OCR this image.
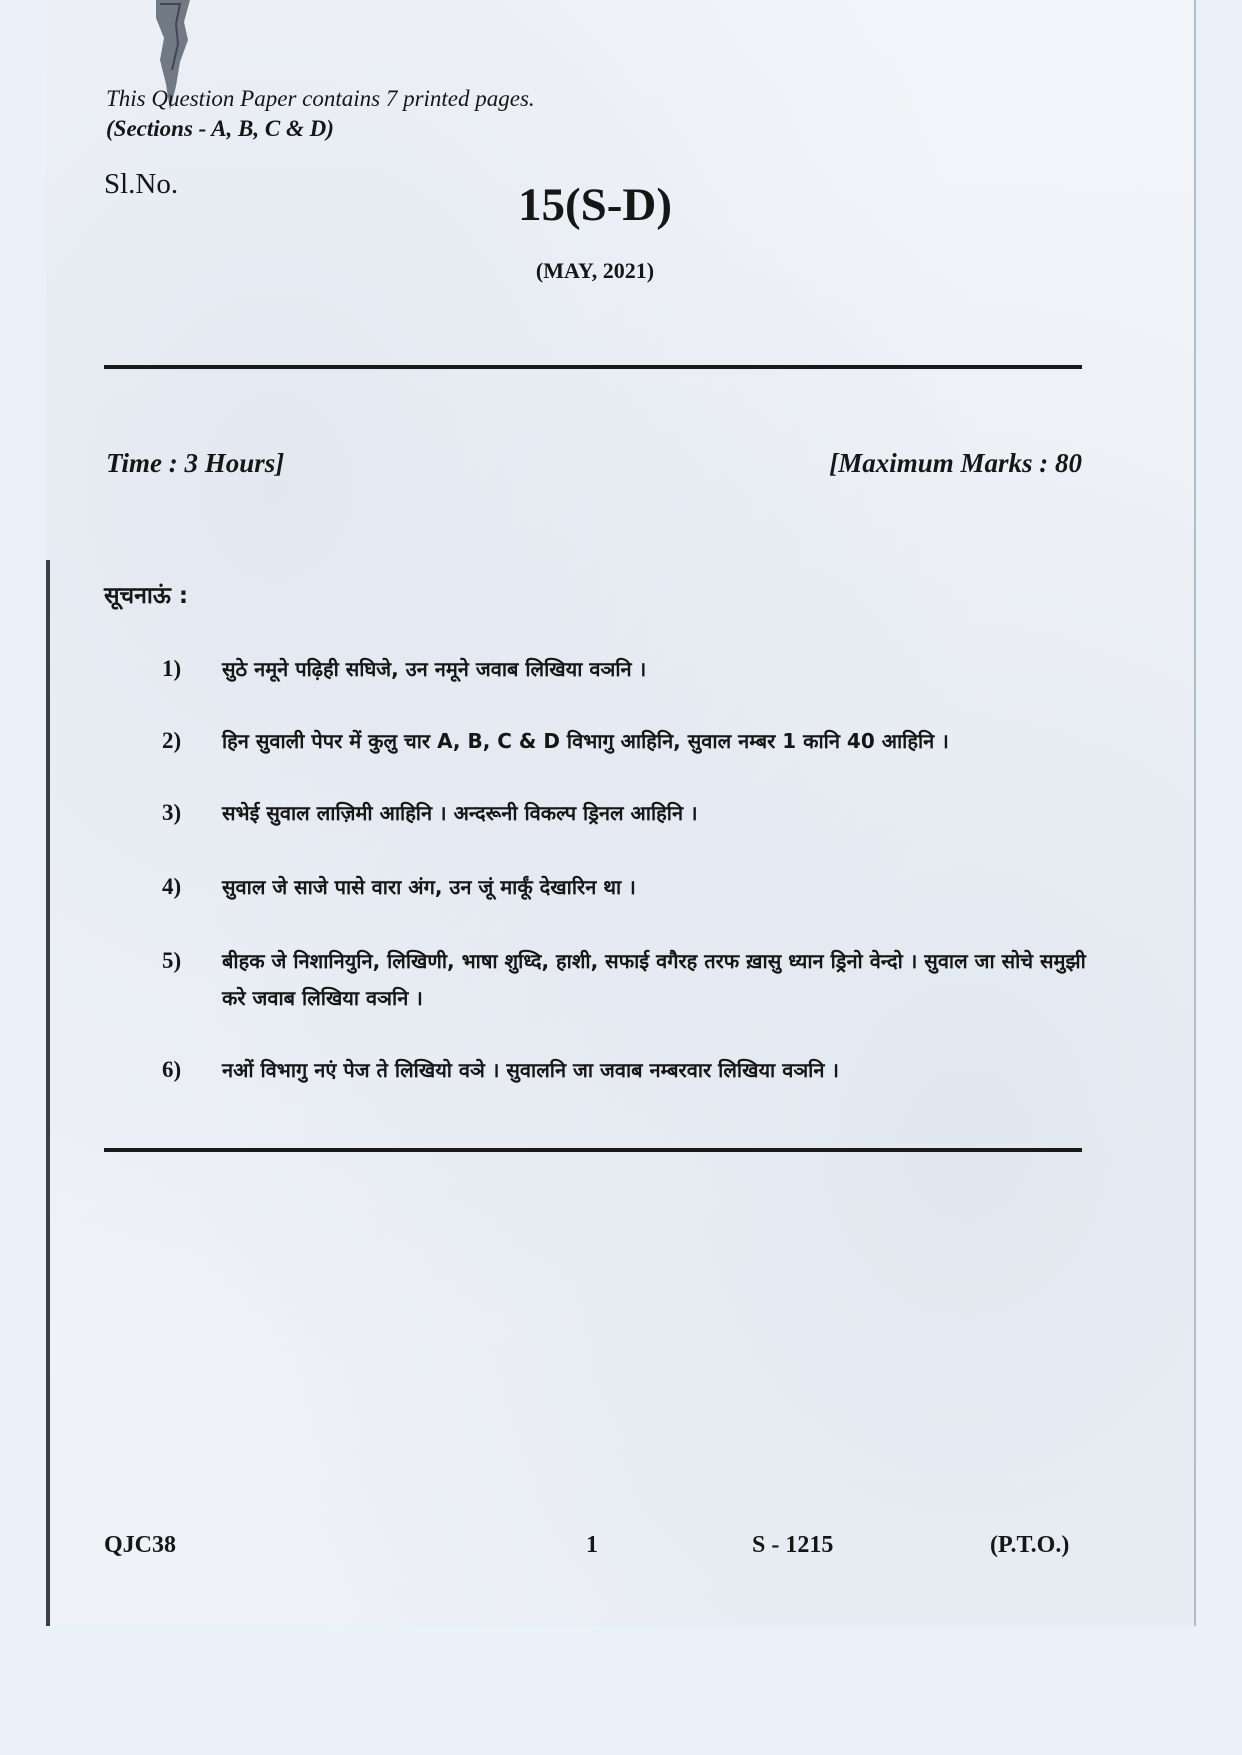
This Question Paper contains 7 printed pages.
(Sections - A, B, C & D)
Sl.No.	15(S-D)
(MAY, 2021)
Time : 3 Hours]	[Maximum Marks : 80
सूचनाऊं :
1)	सुठे नमूने पढ़िही सघिजे, उन नमूने जवाब लिखिया वञनि ।
2)	हिन सुवाली पेपर में कुलु चार A, B, C & D विभागु आहिनि, सुवाल नम्बर 1 कानि 40 आहिनि ।
3)	सभेई सुवाल लाज़िमी आहिनि । अन्दरूनी विकल्प ड्रिनल आहिनि ।
4)	सुवाल जे साजे पासे वारा अंग, उन जूं मार्कूं देखारिन था ।
5)	बीहक जे निशानियुनि, लिखिणी, भाषा शुध्दि, हाशी, सफाई वगैरह तरफ ख़ासु ध्यान ड्रिनो वेन्दो । सुवाल जा सोचे समुझी करे जवाब लिखिया वञनि ।
6)	नओं विभागु नएं पेज ते लिखियो वञे । सुवालनि जा जवाब नम्बरवार लिखिया वञनि ।
QJC38	1	S - 1215	(P.T.O.)
